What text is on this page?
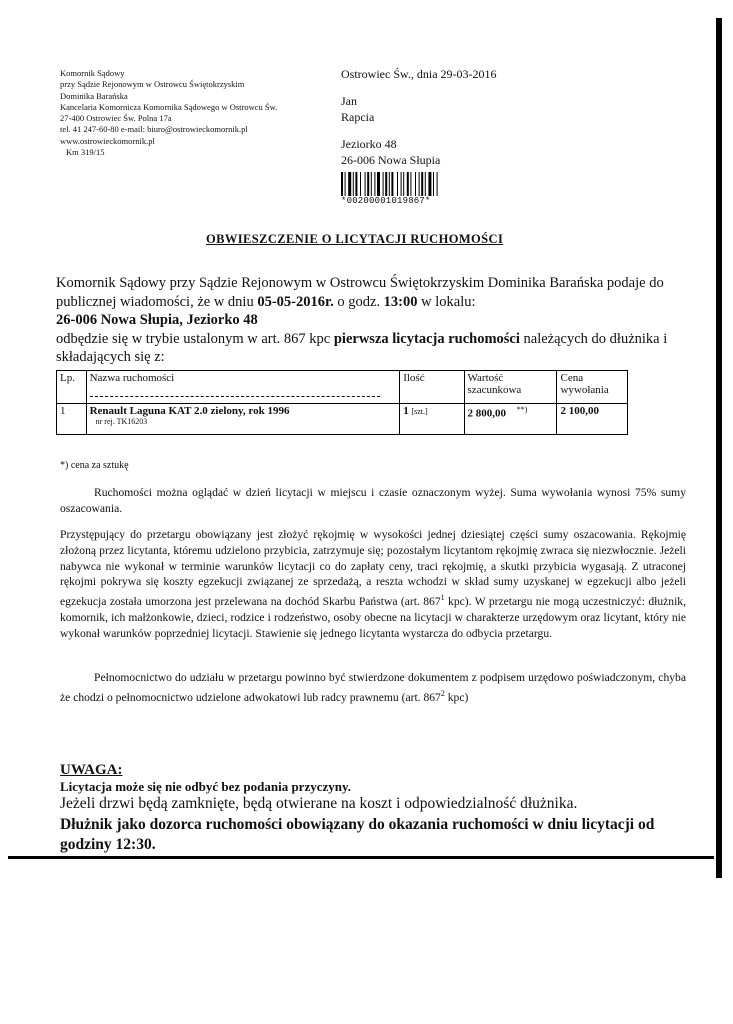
Komornik Sądowy
przy Sądzie Rejonowym w Ostrowcu Świętokrzyskim
Dominika Barańska
Kancelaria Komornicza Komornika Sądowego w Ostrowcu Św.
27-400 Ostrowiec Św. Polna 17a
tel. 41 247-60-80 e-mail: biuro@ostrowieckomornik.pl
www.ostrowieckomornik.pl
Km 319/15
Ostrowiec Św., dnia 29-03-2016
Jan
Rapcia
Jeziorko 48
26-006 Nowa Słupia
*00200001019867*
OBWIESZCZENIE O LICYTACJI RUCHOMOŚCI
Komornik Sądowy przy Sądzie Rejonowym w Ostrowcu Świętokrzyskim Dominika Barańska podaje do publicznej wiadomości, że w dniu 05-05-2016r. o godz. 13:00 w lokalu:
26-006 Nowa Słupia, Jeziorko 48
odbędzie się w trybie ustalonym w art. 867 kpc pierwsza licytacja ruchomości należących do dłużnika i składających się z:
Lp.	Nazwa ruchomości	Ilość	Wartość szacunkowa	Cena wywołania
1	Renault Laguna KAT 2.0 zielony, rok 1996
nr rej. TK16203	1 [szt.]	2 800,00 **)	2 100,00
*) cena za sztukę
Ruchomości można oglądać w dzień licytacji w miejscu i czasie oznaczonym wyżej. Suma wywołania wynosi 75% sumy oszacowania.
Przystępujący do przetargu obowiązany jest złożyć rękojmię w wysokości jednej dziesiątej części sumy oszacowania. Rękojmię złożoną przez licytanta, któremu udzielono przybicia, zatrzymuje się; pozostałym licytantom rękojmię zwraca się niezwłocznie. Jeżeli nabywca nie wykonał w terminie warunków licytacji co do zapłaty ceny, traci rękojmię, a skutki przybicia wygasają. Z utraconej rękojmi pokrywa się koszty egzekucji związanej ze sprzedażą, a reszta wchodzi w skład sumy uzyskanej w egzekucji albo jeżeli egzekucja została umorzona jest przelewana na dochód Skarbu Państwa (art. $867^1$ kpc). W przetargu nie mogą uczestniczyć: dłużnik, komornik, ich małżonkowie, dzieci, rodzice i rodzeństwo, osoby obecne na licytacji w charakterze urzędowym oraz licytant, który nie wykonał warunków poprzedniej licytacji. Stawienie się jednego licytanta wystarcza do odbycia przetargu.
Pełnomocnictwo do udziału w przetargu powinno być stwierdzone dokumentem z podpisem urzędowo poświadczonym, chyba że chodzi o pełnomocnictwo udzielone adwokatowi lub radcy prawnemu (art. $867^2$ kpc)
UWAGA:
Licytacja może się nie odbyć bez podania przyczyny.
Jeżeli drzwi będą zamknięte, będą otwierane na koszt i odpowiedzialność dłużnika.
Dłużnik jako dozorca ruchomości obowiązany do okazania ruchomości w dniu licytacji od godziny 12:30.
